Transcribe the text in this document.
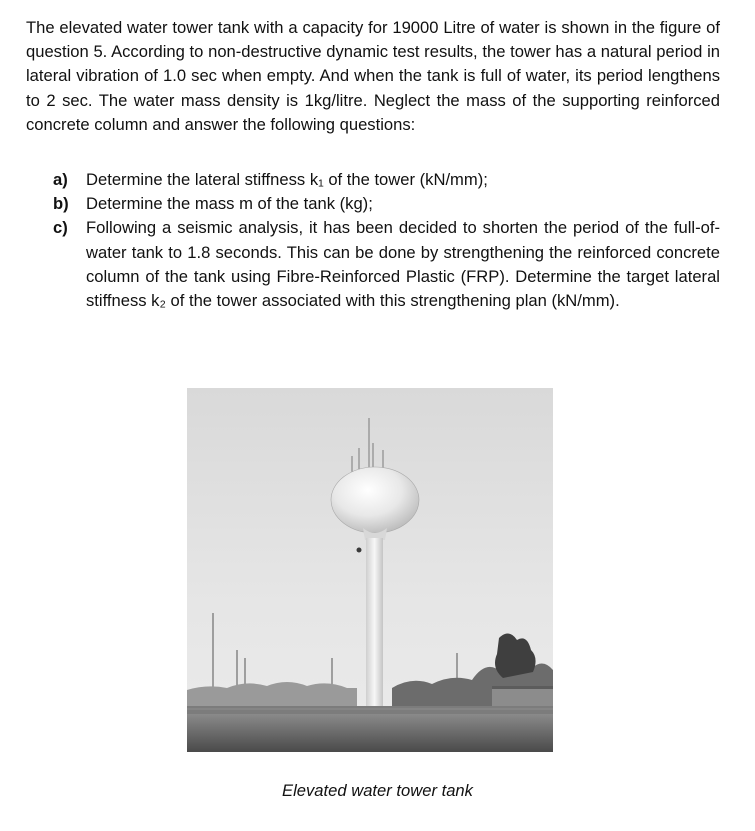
The elevated water tower tank with a capacity for 19000 Litre of water is shown in the figure of question 5. According to non-destructive dynamic test results, the tower has a natural period in lateral vibration of 1.0 sec when empty. And when the tank is full of water, its period lengthens to 2 sec. The water mass density is 1kg/litre. Neglect the mass of the supporting reinforced concrete column and answer the following questions:
a) Determine the lateral stiffness k₁ of the tower (kN/mm);
b) Determine the mass m of the tank (kg);
c) Following a seismic analysis, it has been decided to shorten the period of the full-of-water tank to 1.8 seconds. This can be done by strengthening the reinforced concrete column of the tank using Fibre-Reinforced Plastic (FRP). Determine the target lateral stiffness k₂ of the tower associated with this strengthening plan (kN/mm).
Elevated water tower tank
